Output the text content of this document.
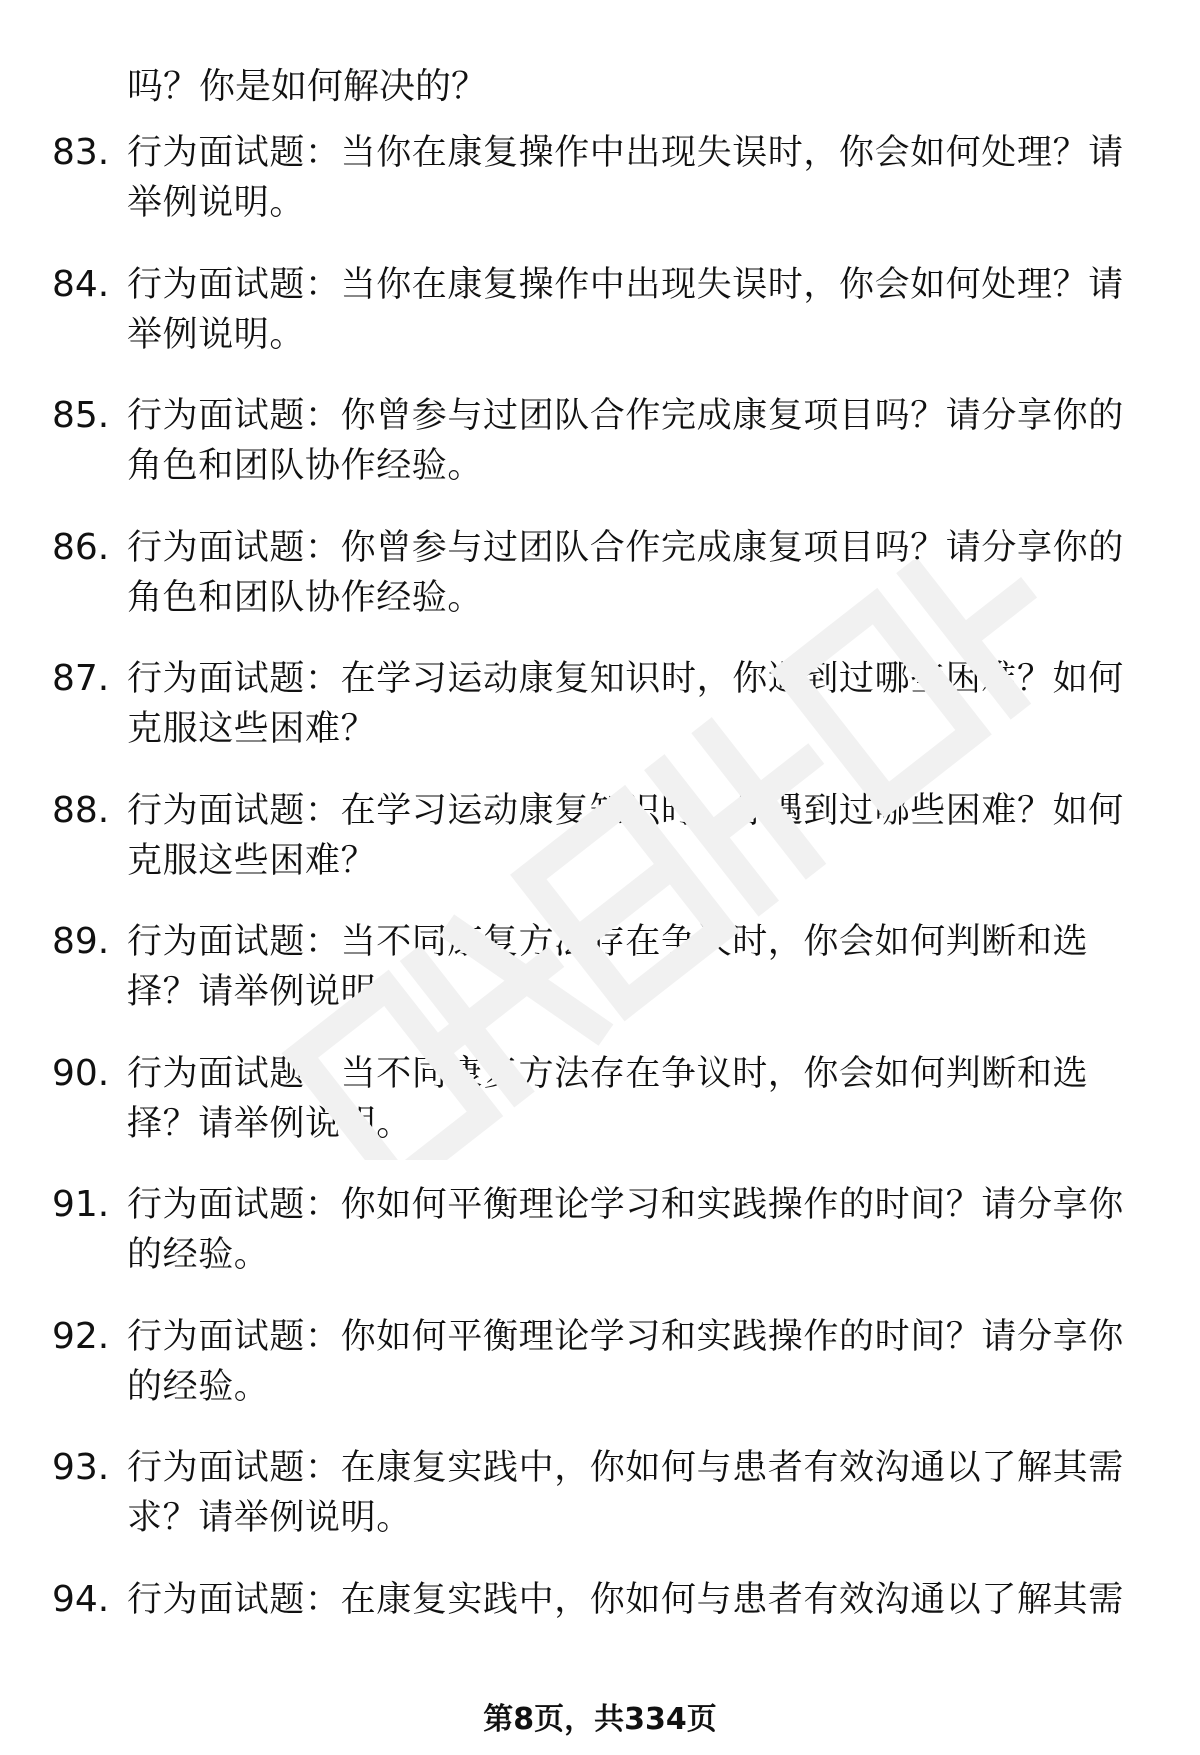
吗？你是如何解决的？
83. 行为面试题：当你在康复操作中出现失误时，你会如何处理？请举例说明。
84. 行为面试题：当你在康复操作中出现失误时，你会如何处理？请举例说明。
85. 行为面试题：你曾参与过团队合作完成康复项目吗？请分享你的角色和团队协作经验。
86. 行为面试题：你曾参与过团队合作完成康复项目吗？请分享你的角色和团队协作经验。
87. 行为面试题：在学习运动康复知识时，你遇到过哪些困难？如何克服这些困难？
88. 行为面试题：在学习运动康复知识时，你遇到过哪些困难？如何克服这些困难？
89. 行为面试题：当不同康复方法存在争议时，你会如何判断和选择？请举例说明。
90. 行为面试题：当不同康复方法存在争议时，你会如何判断和选择？请举例说明。
91. 行为面试题：你如何平衡理论学习和实践操作的时间？请分享你的经验。
92. 行为面试题：你如何平衡理论学习和实践操作的时间？请分享你的经验。
93. 行为面试题：在康复实践中，你如何与患者有效沟通以了解其需求？请举例说明。
94. 行为面试题：在康复实践中，你如何与患者有效沟通以了解其需
第8页，共334页
